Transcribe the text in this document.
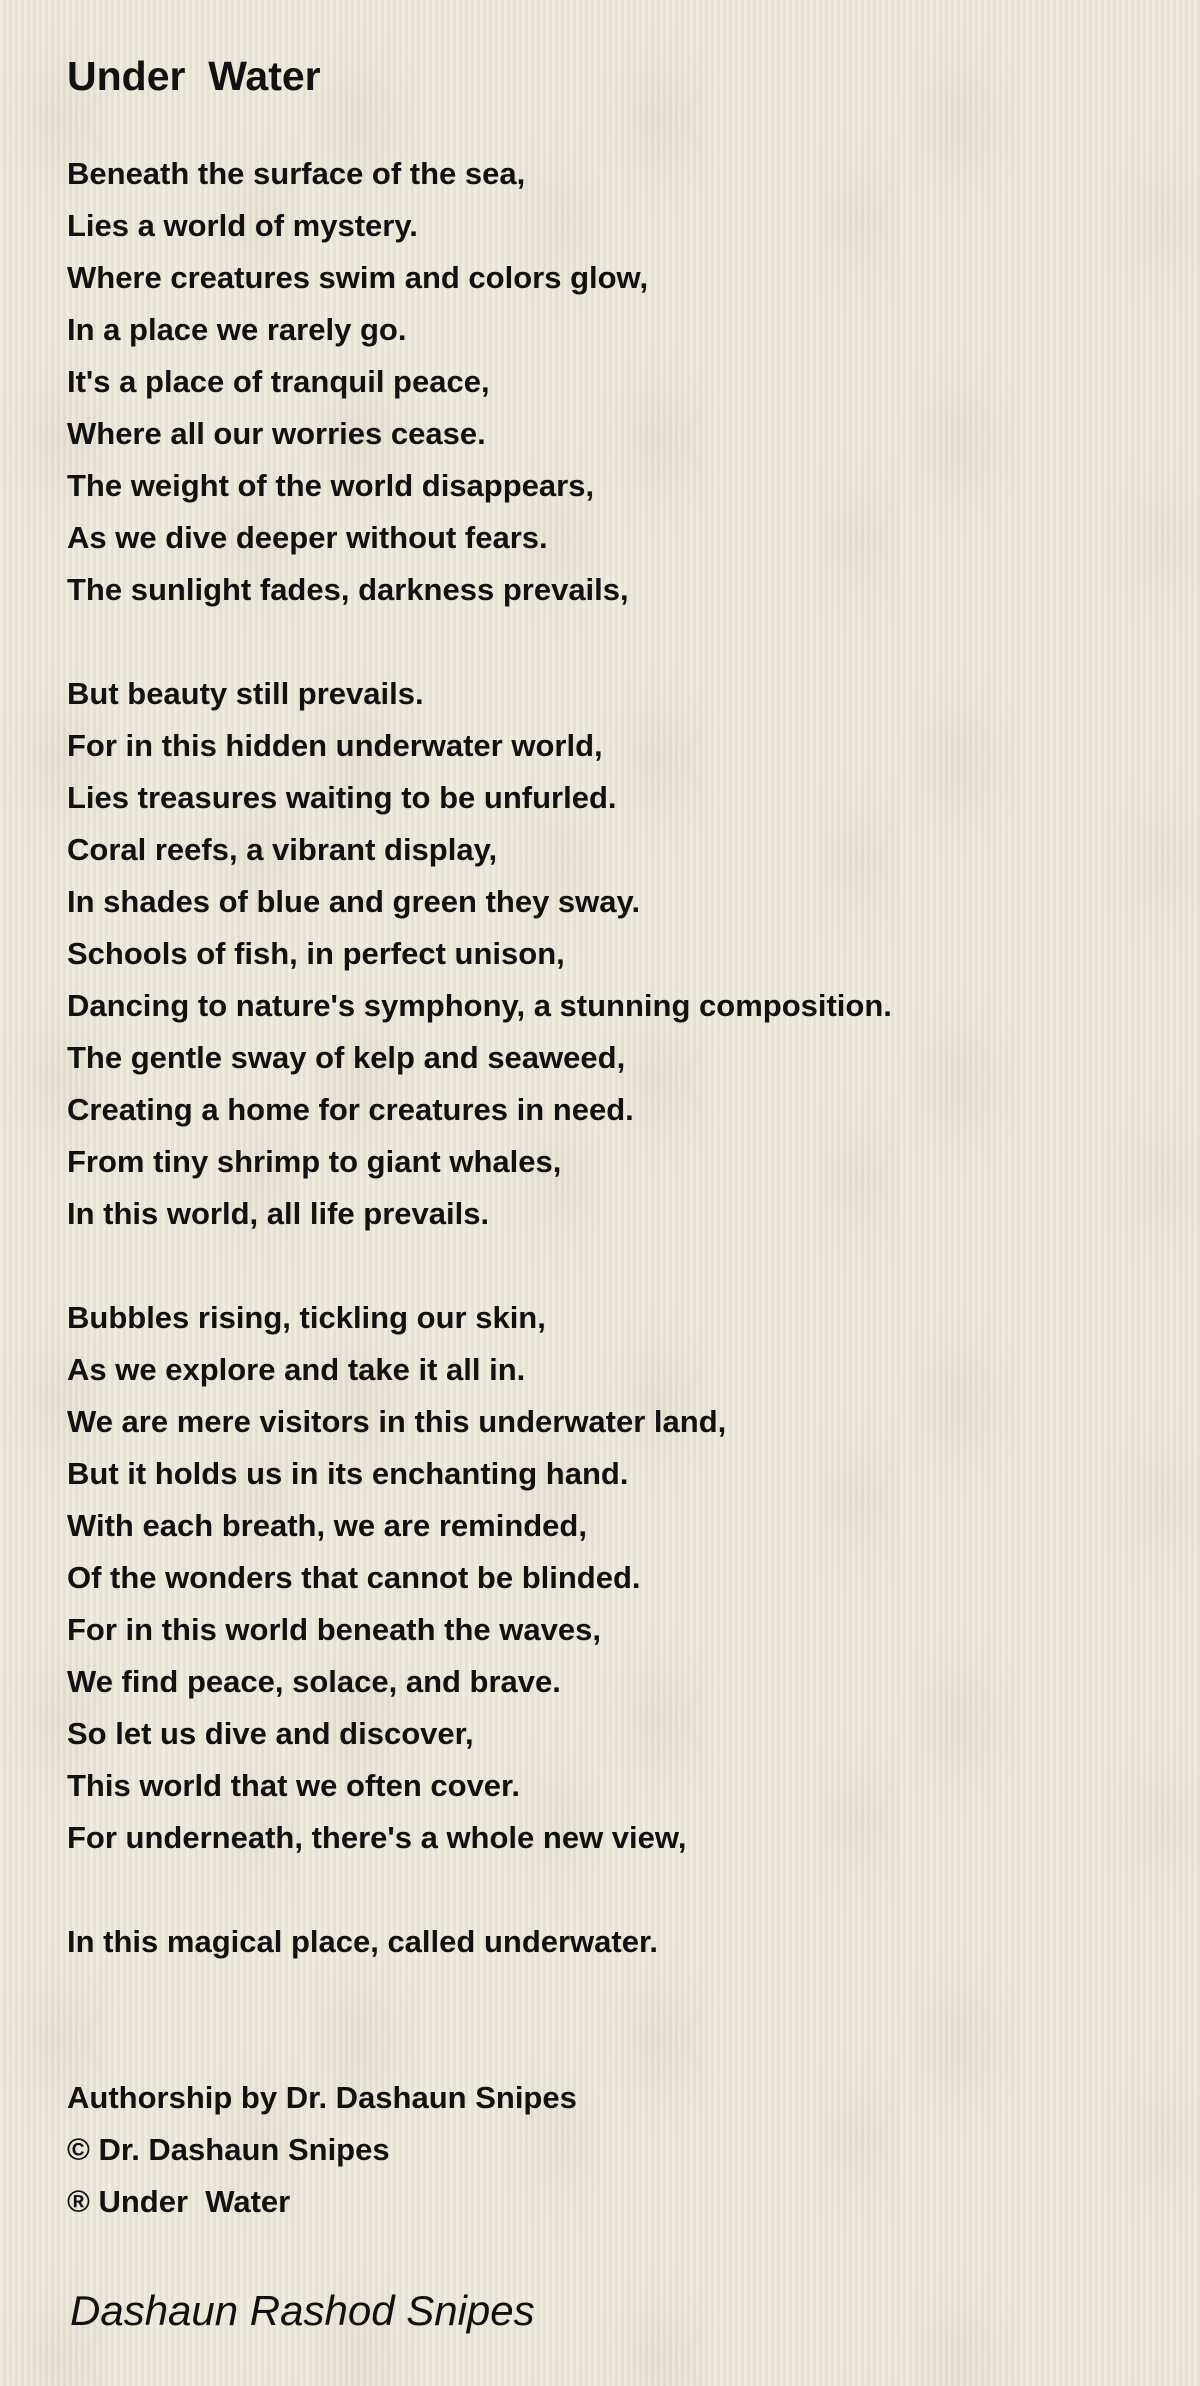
Under  Water
Beneath the surface of the sea,
Lies a world of mystery.
Where creatures swim and colors glow,
In a place we rarely go.
It's a place of tranquil peace,
Where all our worries cease.
The weight of the world disappears,
As we dive deeper without fears.
The sunlight fades, darkness prevails,
But beauty still prevails.
For in this hidden underwater world,
Lies treasures waiting to be unfurled.
Coral reefs, a vibrant display,
In shades of blue and green they sway.
Schools of fish, in perfect unison,
Dancing to nature's symphony, a stunning composition.
The gentle sway of kelp and seaweed,
Creating a home for creatures in need.
From tiny shrimp to giant whales,
In this world, all life prevails.
Bubbles rising, tickling our skin,
As we explore and take it all in.
We are mere visitors in this underwater land,
But it holds us in its enchanting hand.
With each breath, we are reminded,
Of the wonders that cannot be blinded.
For in this world beneath the waves,
We find peace, solace, and brave.
So let us dive and discover,
This world that we often cover.
For underneath, there's a whole new view,
In this magical place, called underwater.
Authorship by Dr. Dashaun Snipes
© Dr. Dashaun Snipes
® Under  Water
Dashaun Rashod Snipes
